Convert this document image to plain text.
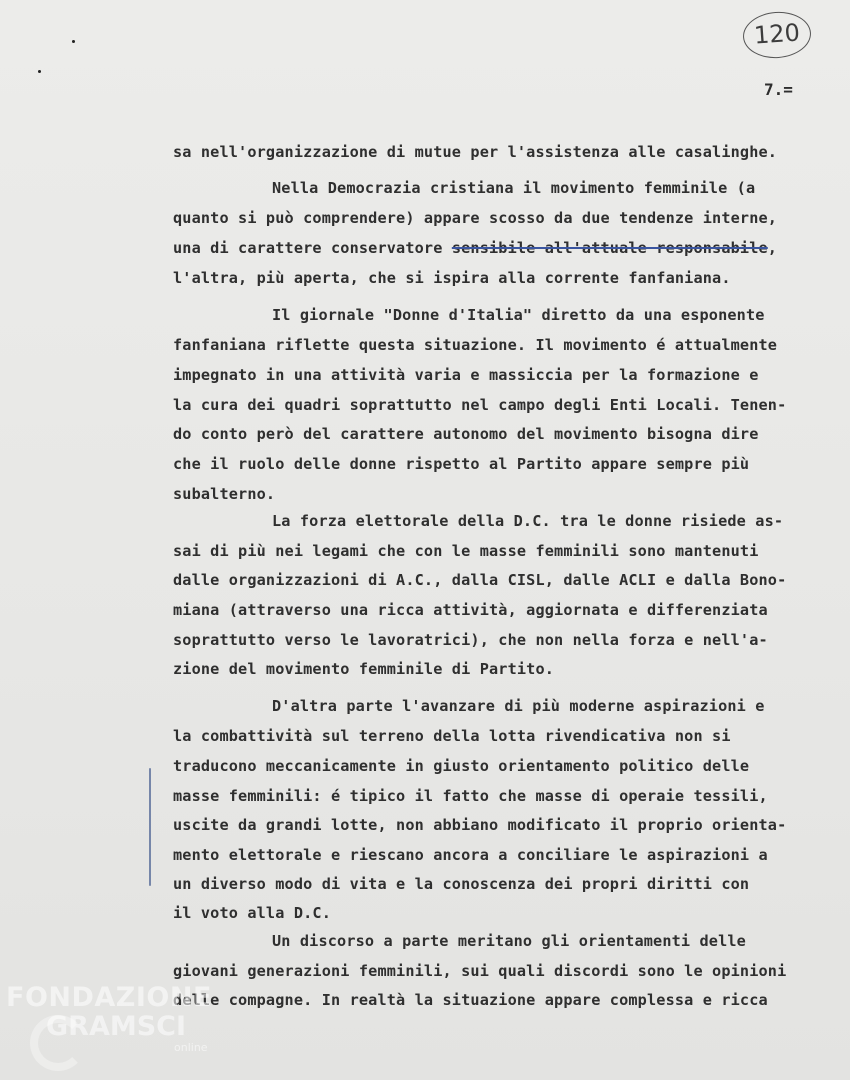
120
7.=
sa nell'organizzazione di mutue per l'assistenza alle casalinghe.
Nella Democrazia cristiana il movimento femminile (a
quanto si può comprendere) appare scosso da due tendenze interne,
una di carattere conservatore sensibile all'attuale responsabile,
l'altra, più aperta, che si ispira alla corrente fanfaniana.
Il giornale "Donne d'Italia" diretto da una esponente
fanfaniana riflette questa situazione. Il movimento é attualmente
impegnato in una attività varia e massiccia per la formazione e
la cura dei quadri soprattutto nel campo degli Enti Locali. Tenen-
do conto però del carattere autonomo del movimento bisogna dire
che il ruolo delle donne rispetto al Partito appare sempre più
subalterno.
La forza elettorale della D.C. tra le donne risiede as-
sai di più nei legami che con le masse femminili sono mantenuti
dalle organizzazioni di A.C., dalla CISL, dalle ACLI e dalla Bono-
miana (attraverso una ricca attività, aggiornata e differenziata
soprattutto verso le lavoratrici), che non nella forza e nell'a-
zione del movimento femminile di Partito.
D'altra parte l'avanzare di più moderne aspirazioni e
la combattività sul terreno della lotta rivendicativa non si
traducono meccanicamente in giusto orientamento politico delle
masse femminili: é tipico il fatto che masse di operaie tessili,
uscite da grandi lotte, non abbiano modificato il proprio orienta-
mento elettorale e riescano ancora a conciliare le aspirazioni a
un diverso modo di vita e la conoscenza dei propri diritti con
il voto alla D.C.
Un discorso a parte meritano gli orientamenti delle
giovani generazioni femminili, sui quali discordi sono le opinioni
delle compagne. In realtà la situazione appare complessa e ricca
FONDAZIONE
GRAMSCI
online
